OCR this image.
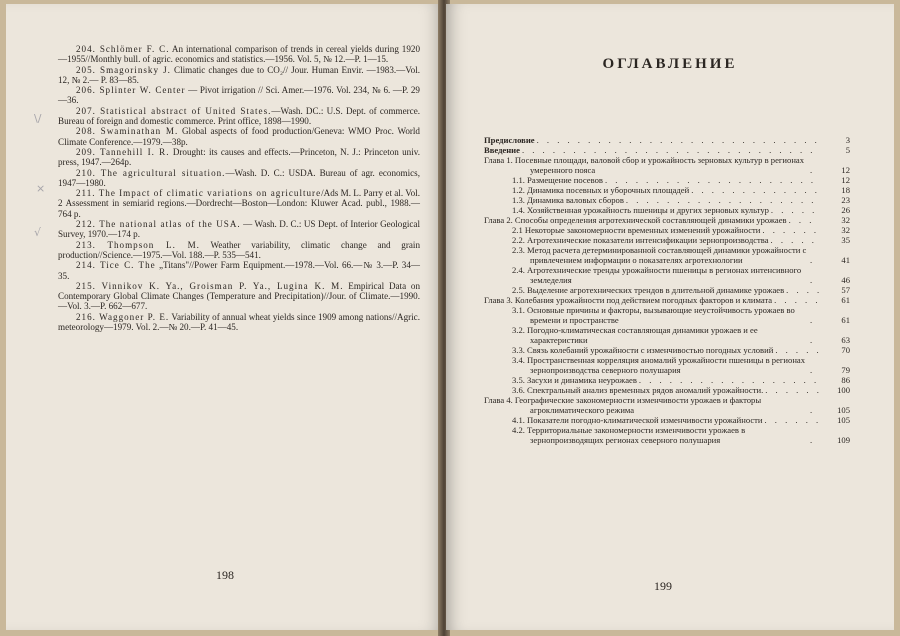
204. Schlömer F. C. An international comparison of trends in cereal yields during 1920—1955//Monthly bull. of agric. economics and statistics.—1956. Vol. 5, № 12.—P. 1—15.

205. Smagorinsky J. Climatic changes due to CO₂// Jour. Human Envir. —1983.—Vol. 12, № 2.— P. 83—85.

206. Splinter W. Center — Pivot irrigation // Sci. Amer.—1976. Vol. 234, № 6. —P. 29—36.

207. Statistical abstract of United States.—Wash. DC.: U.S. Dept. of commerce. Bureau of foreign and domestic commerce. Print office, 1898—1990.

208. Swaminathan M. Global aspects of food production/Geneva: WMO Proc. World Climate Conference.—1979.—38p.

209. Tannehill I. R. Drought: its causes and effects.—Princeton, N. J.: Princeton univ. press, 1947.—264p.

210. The agricultural situation.—Wash. D. C.: USDA. Bureau of agr. economics, 1947—1980.

211. The Impact of climatic variations on agriculture/Ads M. L. Parry et al. Vol. 2 Assessment in semiarid regions.—Dordrecht—Boston—London: Kluwer Acad. publ., 1988.—764 p.

212. The national atlas of the USA. — Wash. D. C.: US Dept. of Interior Geological Survey, 1970.—174 p.

213. Thompson L. M. Weather variability, climatic change and grain production//Science.—1975.—Vol. 188.—P. 535—541.

214. Tice C. The „Titans"//Power Farm Equipment.—1978.—Vol. 66.—№ 3.—P. 34—35.

215. Vinnikov K. Ya., Groisman P. Ya., Lugina K. M. Empirical Data on Contemporary Global Climate Changes (Temperature and Precipitation)//Jour. of Climate.—1990.—Vol. 3.—P. 662—677.

216. Waggoner P. E. Variability of annual wheat yields since 1909 among nations//Agric. meteorology—1979. Vol. 2.—№ 20.—P. 41—45.

\/
⨯
√
198
ОГЛАВЛЕНИЕ
Предисловие . . .	3
Введение . . .	5
Глава 1. Посевные площади, валовой сбор и урожайность зерновых культур в регионах умеренного пояса . . .	12
1.1. Размещение посевов . . .	12
1.2. Динамика посевных и уборочных площадей . . .	18
1.3. Динамика валовых сборов . . .	23
1.4. Хозяйственная урожайность пшеницы и других зерновых культур . . .	26
Глава 2. Способы определения агротехнической составляющей динамики урожаев . . .	32
2.1 Некоторые закономерности временных изменений урожайности . . .	32
2.2. Агротехнические показатели интенсификации зернопроизводства . . .	35
2.3. Метод расчета детерминированной составляющей динамики урожайности с привлечением информации о показателях агротехнологии . . .	41
2.4. Агротехнические тренды урожайности пшеницы в регионах интенсивного земледелия . . .	46
2.5. Выделение агротехнических трендов в длительной динамике урожаев . . .	57
Глава 3. Колебания урожайности под действием погодных факторов и климата . . .	61
3.1. Основные причины и факторы, вызывающие неустойчивость урожаев во времени и пространстве . . .	61
3.2. Погодно-климатическая составляющая динамики урожаев и ее характеристики . . .	63
3.3. Связь колебаний урожайности с изменчивостью погодных условий . . .	70
3.4. Пространственная корреляция аномалий урожайности пшеницы в регионах зернопроизводства северного полушария . . .	79
3.5. Засухи и динамика неурожаев . . .	86
3.6. Спектральный анализ временных рядов аномалий урожайности. . . .	100
Глава 4. Географические закономерности изменчивости урожаев и факторы агроклиматического режима . . .	105
4.1. Показатели погодно-климатической изменчивости урожайности . . .	105
4.2. Территориальные закономерности изменчивости урожаев в зернопроизводящих регионах северного полушария . . .	109
199
